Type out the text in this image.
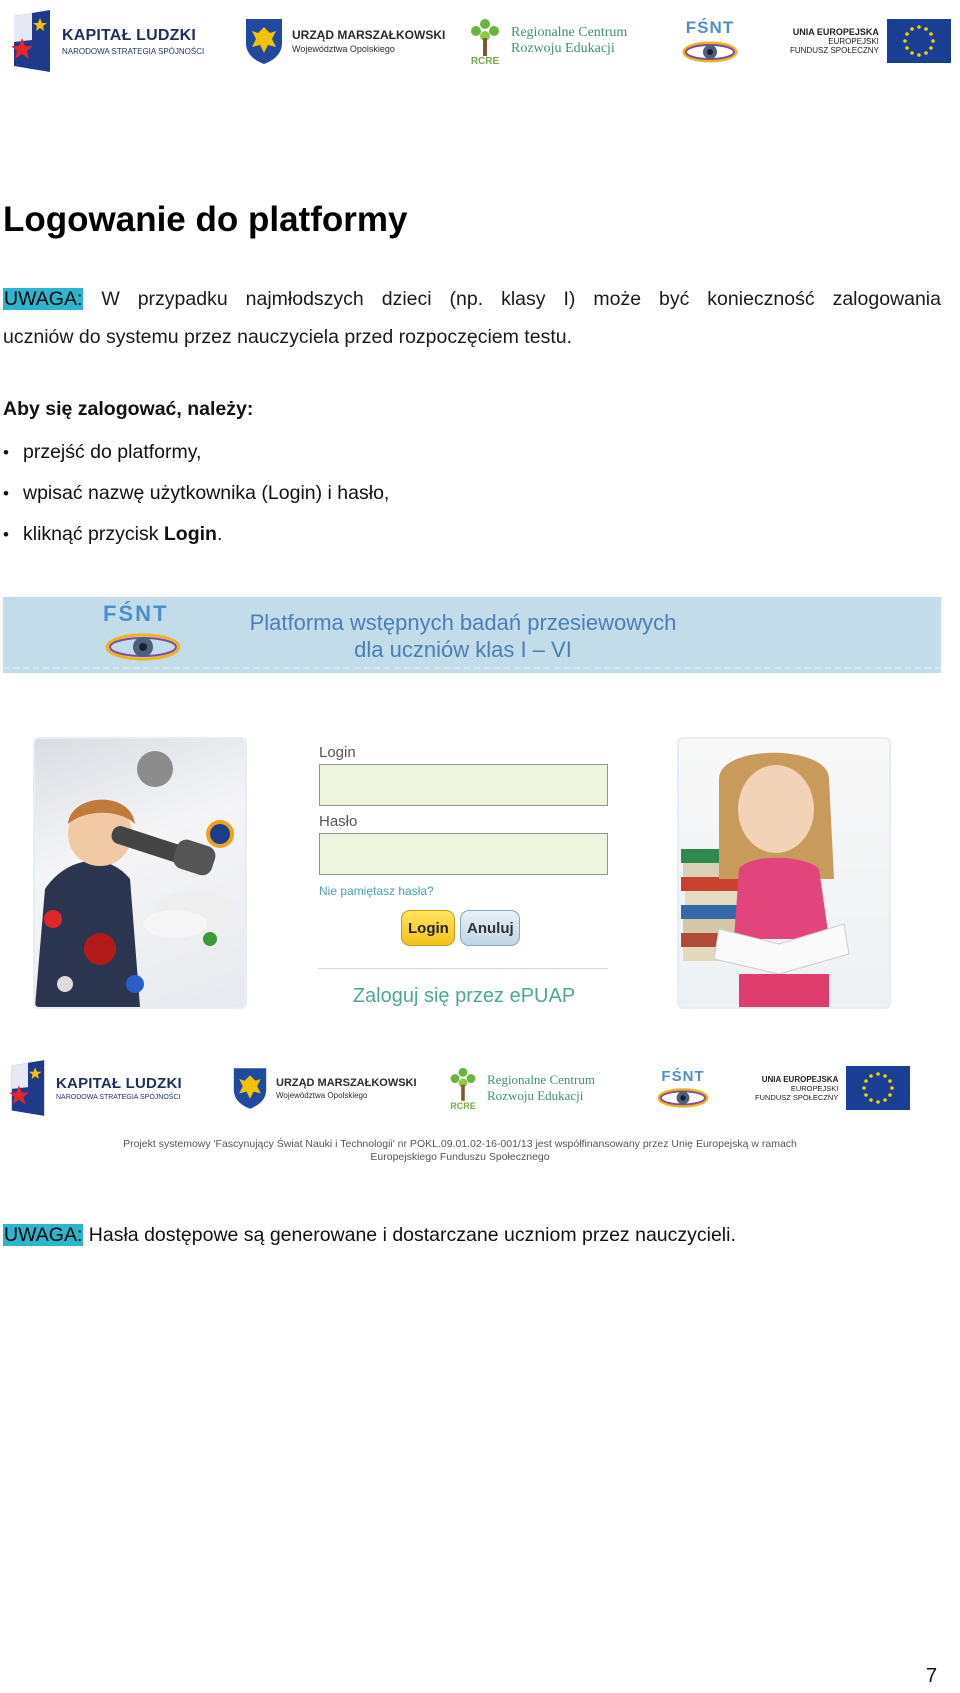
KAPITAŁ LUDZKI
NARODOWA STRATEGIA SPÓJNOŚCI
URZĄD MARSZAŁKOWSKI
Województwa Opolskiego
RCRE
Regionalne Centrum
Rozwoju Edukacji
FŚNT	UNIA EUROPEJSKA
EUROPEJSKI
FUNDUSZ SPOŁECZNY
Logowanie do platformy
UWAGA: W przypadku najmłodszych dzieci (np. klasy I) może być konieczność zalogowania
uczniów do systemu przez nauczyciela przed rozpoczęciem testu.
Aby się zalogować, należy:
• przejść do platformy,
• wpisać nazwę użytkownika (Login) i hasło,
• kliknąć przycisk Login.
FŚNT	Platforma wstępnych badań przesiewowych
dla uczniów klas I – VI
Login
Hasło
Nie pamiętasz hasła?
Login	Anuluj
Zaloguj się przez ePUAP
KAPITAŁ LUDZKI
NARODOWA STRATEGIA SPÓJNOŚCI
URZĄD MARSZAŁKOWSKI
Województwa Opolskiego
RCRE
Regionalne Centrum
Rozwoju Edukacji
FŚNT	UNIA EUROPEJSKA
EUROPEJSKI
FUNDUSZ SPOŁECZNY
Projekt systemowy 'Fascynujący Świat Nauki i Technologii' nr POKL.09.01.02-16-001/13 jest współfinansowany przez Unię Europejską w ramach
Europejskiego Funduszu Społecznego
UWAGA: Hasła dostępowe są generowane i dostarczane uczniom przez nauczycieli.
7
